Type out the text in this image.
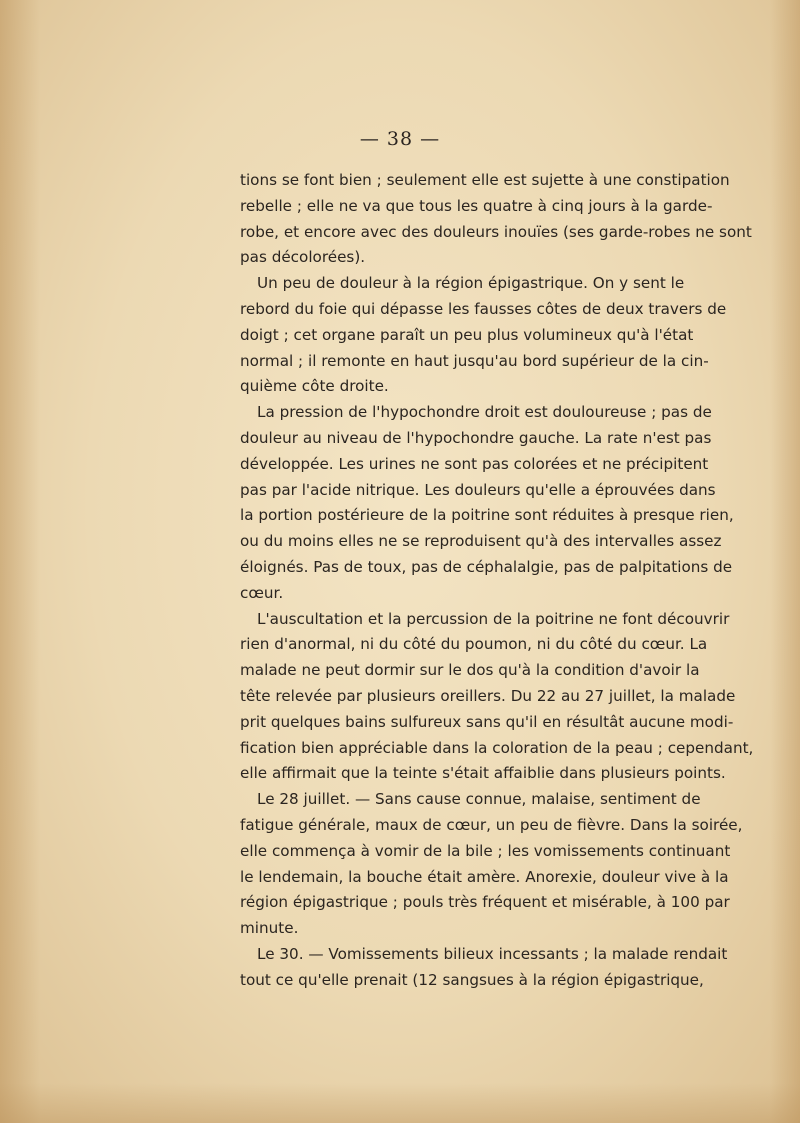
— 38 —
tions se font bien ; seulement elle est sujette à une constipation
rebelle ; elle ne va que tous les quatre à cinq jours à la garde-
robe, et encore avec des douleurs inouïes (ses garde-robes ne sont
pas décolorées).
Un peu de douleur à la région épigastrique. On y sent le
rebord du foie qui dépasse les fausses côtes de deux travers de
doigt ; cet organe paraît un peu plus volumineux qu'à l'état
normal ; il remonte en haut jusqu'au bord supérieur de la cin-
quième côte droite.
La pression de l'hypochondre droit est douloureuse ; pas de
douleur au niveau de l'hypochondre gauche. La rate n'est pas
développée. Les urines ne sont pas colorées et ne précipitent
pas par l'acide nitrique. Les douleurs qu'elle a éprouvées dans
la portion postérieure de la poitrine sont réduites à presque rien,
ou du moins elles ne se reproduisent qu'à des intervalles assez
éloignés. Pas de toux, pas de céphalalgie, pas de palpitations de
cœur.
L'auscultation et la percussion de la poitrine ne font découvrir
rien d'anormal, ni du côté du poumon, ni du côté du cœur. La
malade ne peut dormir sur le dos qu'à la condition d'avoir la
tête relevée par plusieurs oreillers. Du 22 au 27 juillet, la malade
prit quelques bains sulfureux sans qu'il en résultât aucune modi-
fication bien appréciable dans la coloration de la peau ; cependant,
elle affirmait que la teinte s'était affaiblie dans plusieurs points.
Le 28 juillet. — Sans cause connue, malaise, sentiment de
fatigue générale, maux de cœur, un peu de fièvre. Dans la soirée,
elle commença à vomir de la bile ; les vomissements continuant
le lendemain, la bouche était amère. Anorexie, douleur vive à la
région épigastrique ; pouls très fréquent et misérable, à 100 par
minute.
Le 30. — Vomissements bilieux incessants ; la malade rendait
tout ce qu'elle prenait (12 sangsues à la région épigastrique,
